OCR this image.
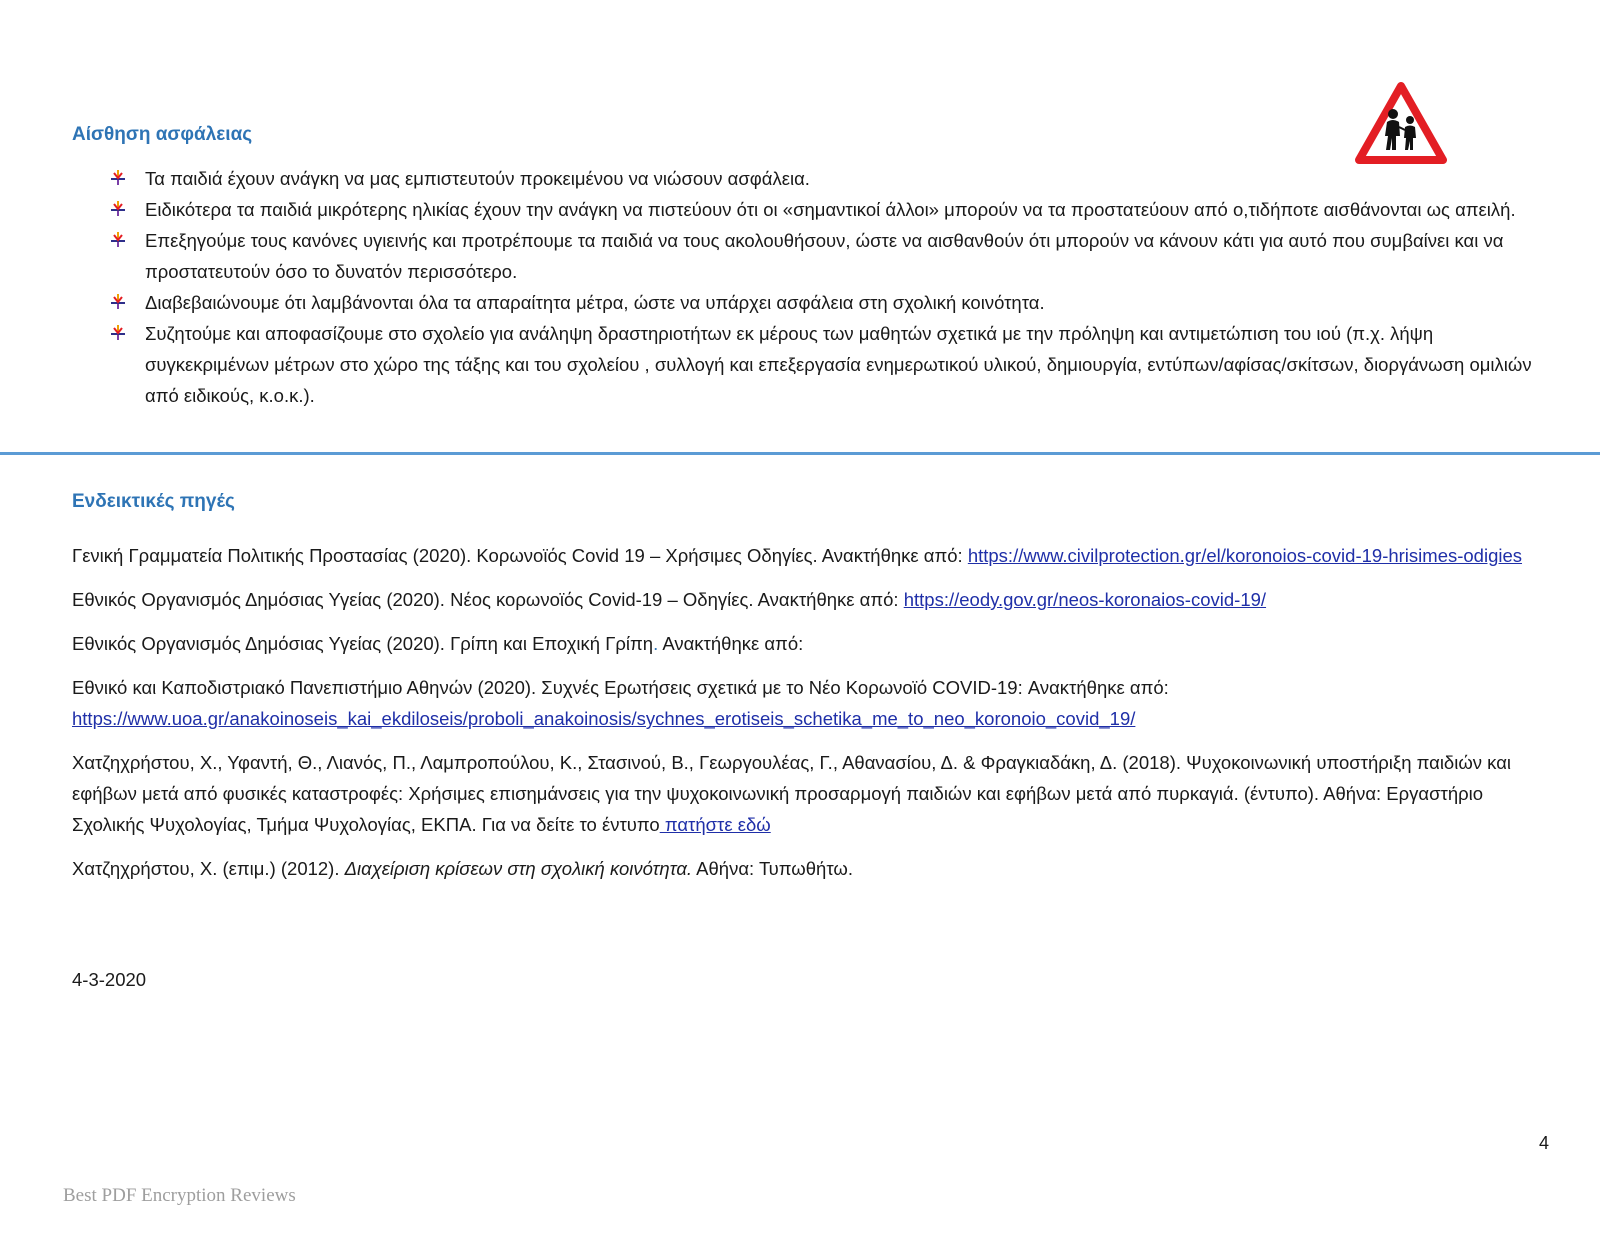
Αίσθηση ασφάλειας
Τα παιδιά έχουν ανάγκη να μας εμπιστευτούν προκειμένου να νιώσουν ασφάλεια.
Ειδικότερα τα παιδιά μικρότερης ηλικίας έχουν την ανάγκη να πιστεύουν ότι οι «σημαντικοί άλλοι» μπορούν να τα προστατεύουν από ο,τιδήποτε αισθάνονται ως απειλή.
Επεξηγούμε τους κανόνες υγιεινής και προτρέπουμε τα παιδιά να τους ακολουθήσουν, ώστε να αισθανθούν ότι μπορούν να κάνουν κάτι για αυτό που συμβαίνει και να προστατευτούν όσο το δυνατόν περισσότερο.
Διαβεβαιώνουμε ότι λαμβάνονται όλα τα απαραίτητα μέτρα, ώστε να υπάρχει ασφάλεια στη σχολική κοινότητα.
Συζητούμε και αποφασίζουμε στο σχολείο για ανάληψη δραστηριοτήτων εκ μέρους των μαθητών σχετικά με την πρόληψη και αντιμετώπιση του ιού (π.χ. λήψη συγκεκριμένων μέτρων στο χώρο της τάξης και του σχολείου , συλλογή και επεξεργασία ενημερωτικού υλικού, δημιουργία, εντύπων/αφίσας/σκίτσων, διοργάνωση ομιλιών από ειδικούς, κ.ο.κ.).
Ενδεικτικές πηγές

Γενική Γραμματεία Πολιτικής Προστασίας (2020). Κορωνοϊός Covid 19 – Χρήσιμες Οδηγίες. Ανακτήθηκε από: https://www.civilprotection.gr/el/koronoios-covid-19-hrisimes-odigies

Εθνικός Οργανισμός Δημόσιας Υγείας (2020). Νέος κορωνοϊός Covid-19 – Οδηγίες. Ανακτήθηκε από: https://eody.gov.gr/neos-koronaios-covid-19/

Εθνικός Οργανισμός Δημόσιας Υγείας (2020). Γρίπη και Εποχική Γρίπη. Ανακτήθηκε από:

Εθνικό και Καποδιστριακό Πανεπιστήμιο Αθηνών (2020). Συχνές Ερωτήσεις σχετικά με το Νέο Κορωνοϊό COVID-19: Ανακτήθηκε από:
https://www.uoa.gr/anakoinoseis_kai_ekdiloseis/proboli_anakoinosis/sychnes_erotiseis_schetika_me_to_neo_koronoio_covid_19/

Χατζηχρήστου, Χ., Υφαντή, Θ., Λιανός, Π., Λαμπροπούλου, Κ., Στασινού, Β., Γεωργουλέας, Γ., Αθανασίου, Δ. & Φραγκιαδάκη, Δ. (2018). Ψυχοκοινωνική υποστήριξη παιδιών και εφήβων μετά από φυσικές καταστροφές: Χρήσιμες επισημάνσεις για την ψυχοκοινωνική προσαρμογή παιδιών και εφήβων μετά από πυρκαγιά. (έντυπο). Αθήνα: Εργαστήριο Σχολικής Ψυχολογίας, Τμήμα Ψυχολογίας, ΕΚΠΑ. Για να δείτε το έντυπο πατήστε εδώ

Χατζηχρήστου, Χ. (επιμ.) (2012). Διαχείριση κρίσεων στη σχολική κοινότητα. Αθήνα: Τυπωθήτω.

4-3-2020

4

Best PDF Encryption Reviews
